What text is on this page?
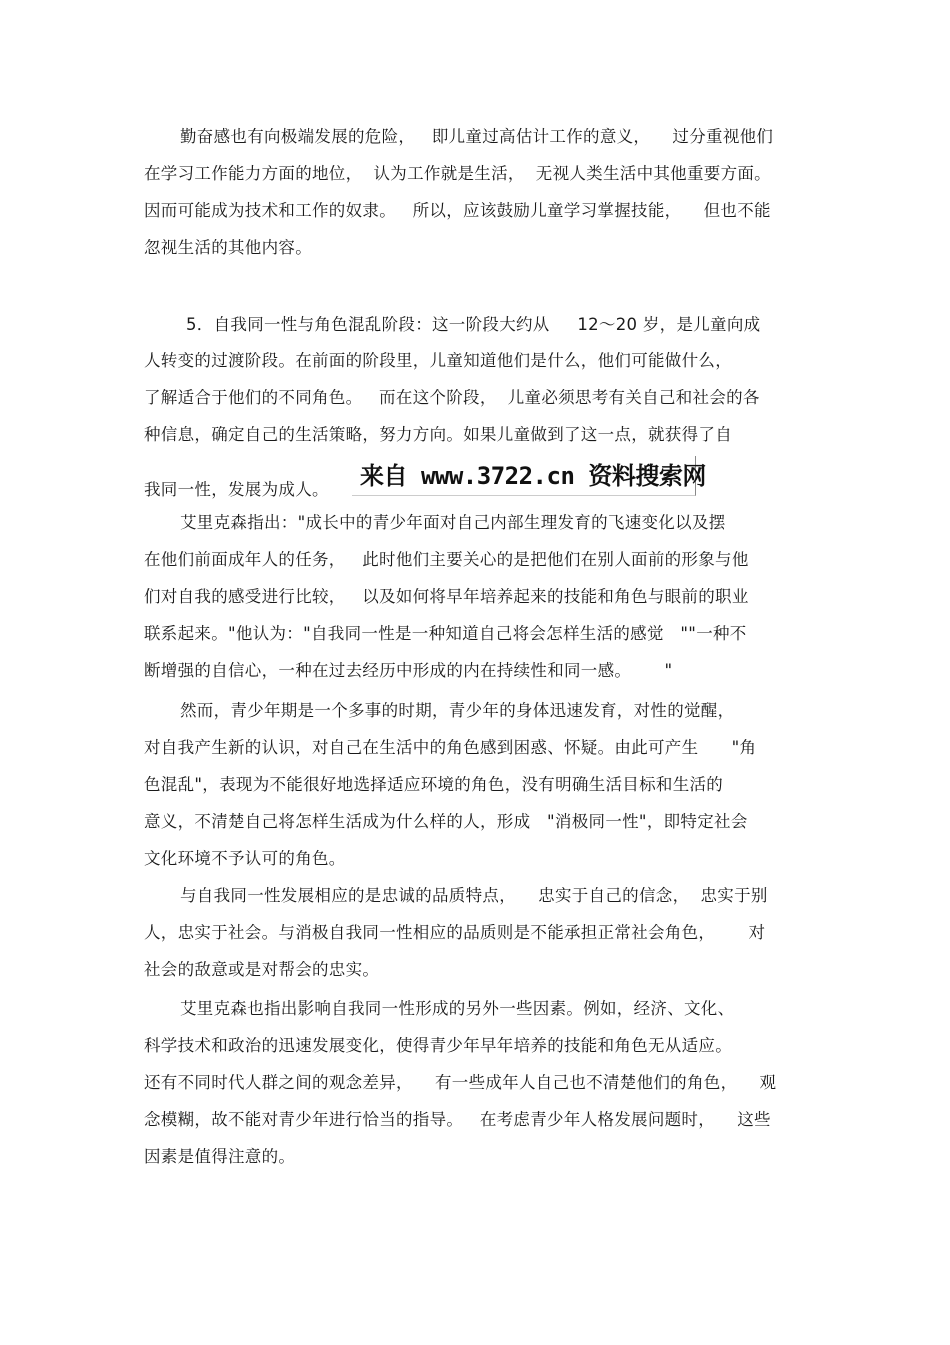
勤奋感也有向极端发展的危险，   即儿童过高估计工作的意义，    过分重视他们
在学习工作能力方面的地位，  认为工作就是生活，  无视人类生活中其他重要方面。
因而可能成为技术和工作的奴隶。   所以，应该鼓励儿童学习掌握技能，    但也不能
忽视生活的其他内容。
5．自我同一性与角色混乱阶段：这一阶段大约从     12～20 岁，是儿童向成
人转变的过渡阶段。在前面的阶段里，儿童知道他们是什么，他们可能做什么，
了解适合于他们的不同角色。   而在这个阶段，  儿童必须思考有关自己和社会的各
种信息，确定自己的生活策略，努力方向。如果儿童做到了这一点，就获得了自
我同一性，发展为成人。	来自 www.3722.cn 资料搜索网
艾里克森指出："成长中的青少年面对自己内部生理发育的飞速变化以及摆
在他们前面成年人的任务，   此时他们主要关心的是把他们在别人面前的形象与他
们对自我的感受进行比较，   以及如何将早年培养起来的技能和角色与眼前的职业
联系起来。"他认为："自我同一性是一种知道自己将会怎样生活的感觉   ""一种不
断增强的自信心，一种在过去经历中形成的内在持续性和同一感。      "
然而，青少年期是一个多事的时期，青少年的身体迅速发育，对性的觉醒，
对自我产生新的认识，对自己在生活中的角色感到困惑、怀疑。由此可产生      "角
色混乱"，表现为不能很好地选择适应环境的角色，没有明确生活目标和生活的
意义，不清楚自己将怎样生活成为什么样的人，形成   "消极同一性"，即特定社会
文化环境不予认可的角色。
与自我同一性发展相应的是忠诚的品质特点，    忠实于自己的信念，  忠实于别
人，忠实于社会。与消极自我同一性相应的品质则是不能承担正常社会角色，      对
社会的敌意或是对帮会的忠实。
艾里克森也指出影响自我同一性形成的另外一些因素。例如，经济、文化、
科学技术和政治的迅速发展变化，使得青少年早年培养的技能和角色无从适应。
还有不同时代人群之间的观念差异，    有一些成年人自己也不清楚他们的角色，    观
念模糊，故不能对青少年进行恰当的指导。   在考虑青少年人格发展问题时，    这些
因素是值得注意的。
